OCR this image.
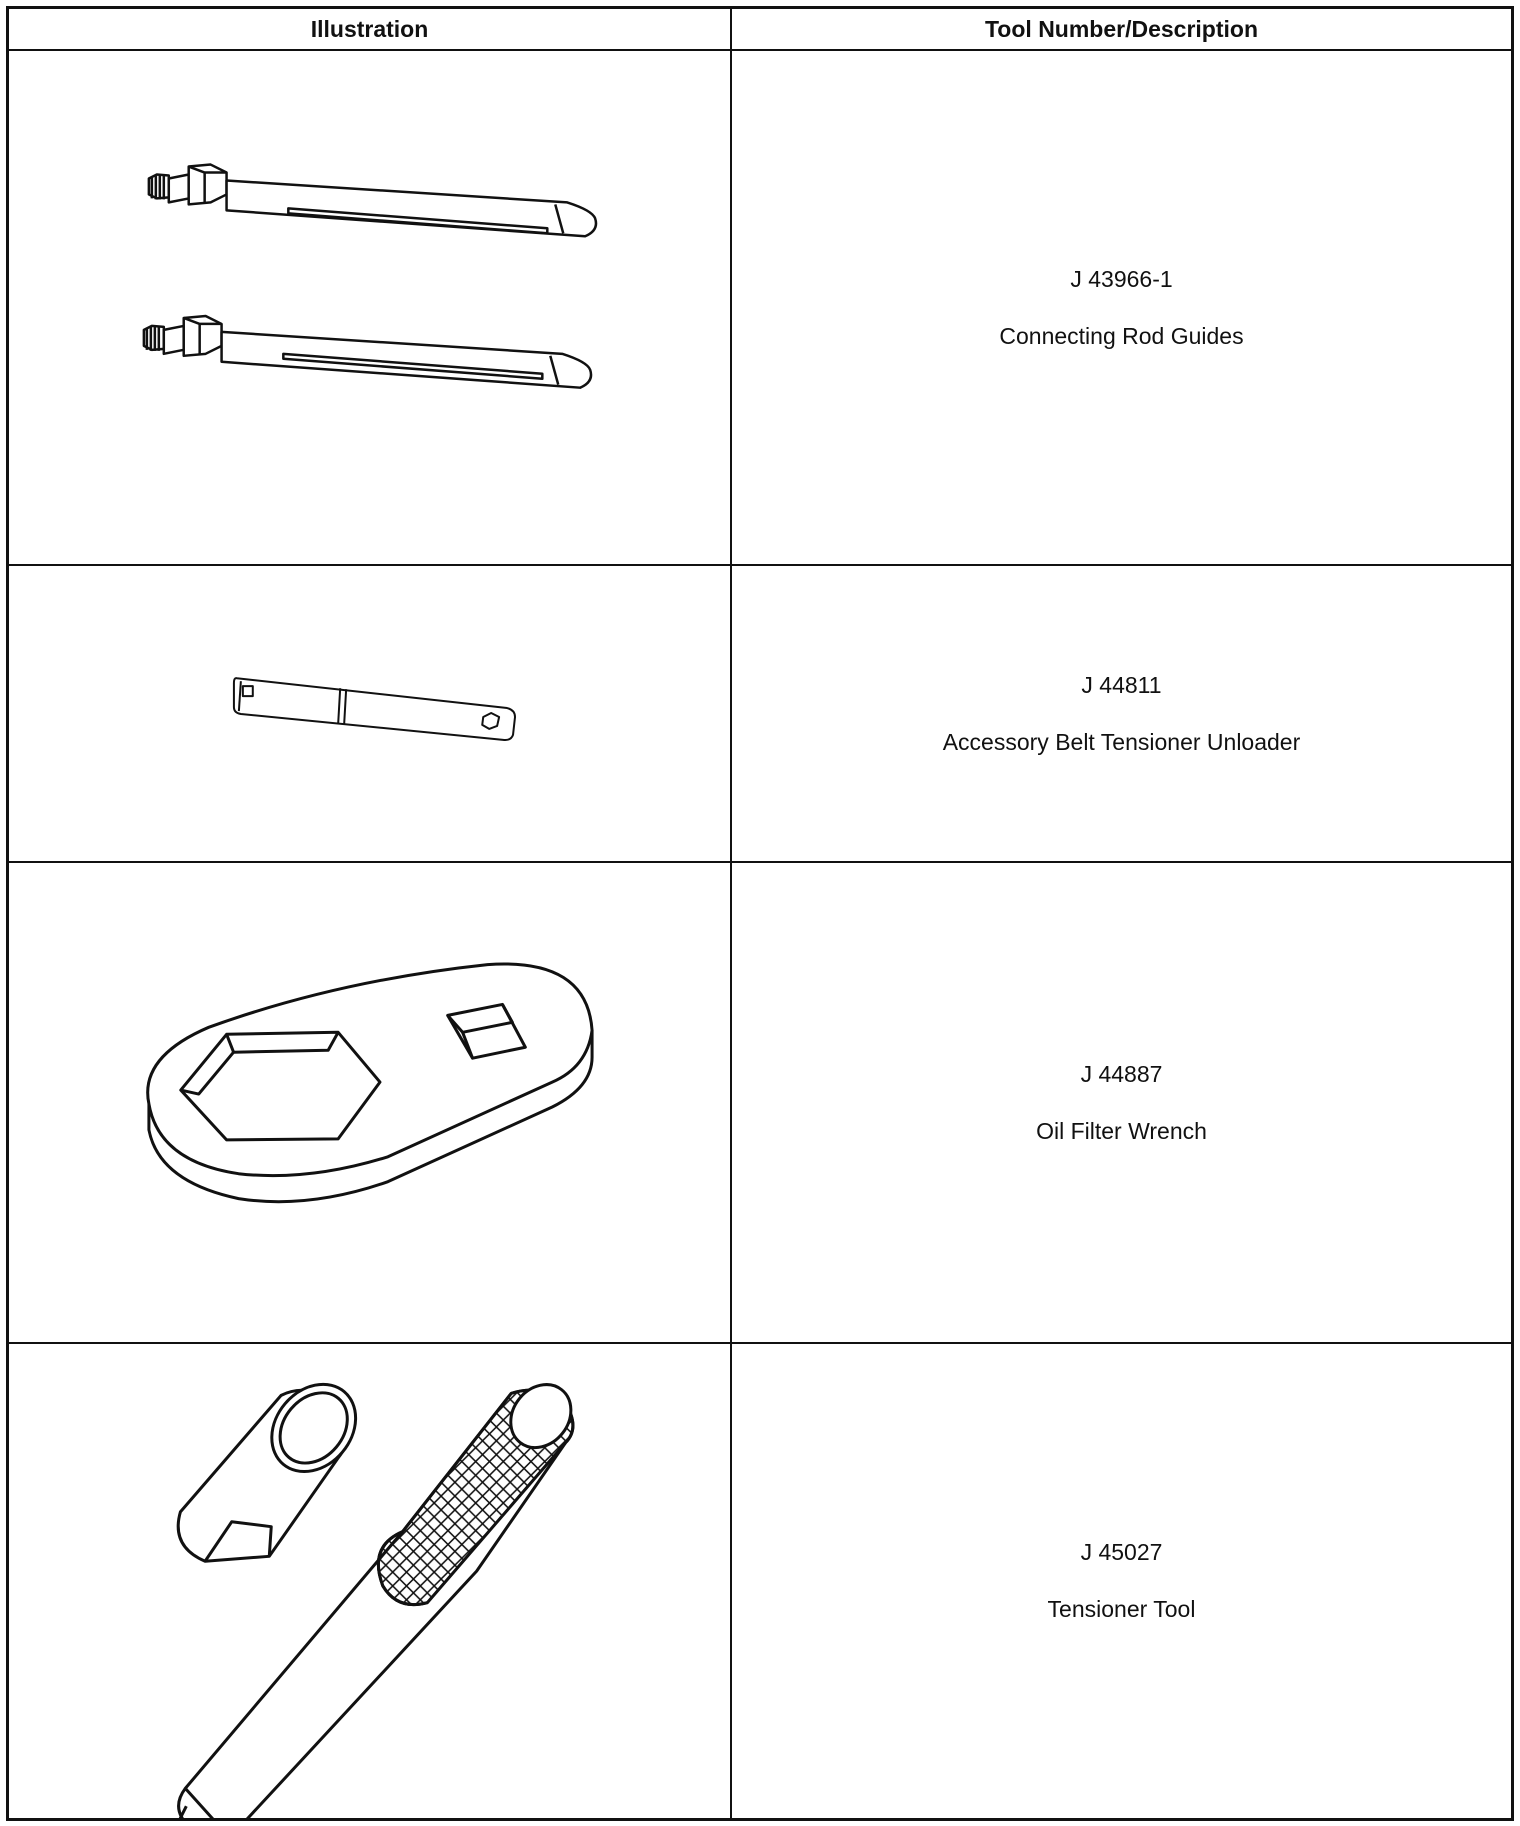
Illustration	Tool Number/Description
J 43966-1
Connecting Rod Guides
J 44811
Accessory Belt Tensioner Unloader
J 44887
Oil Filter Wrench
J 45027
Tensioner Tool
